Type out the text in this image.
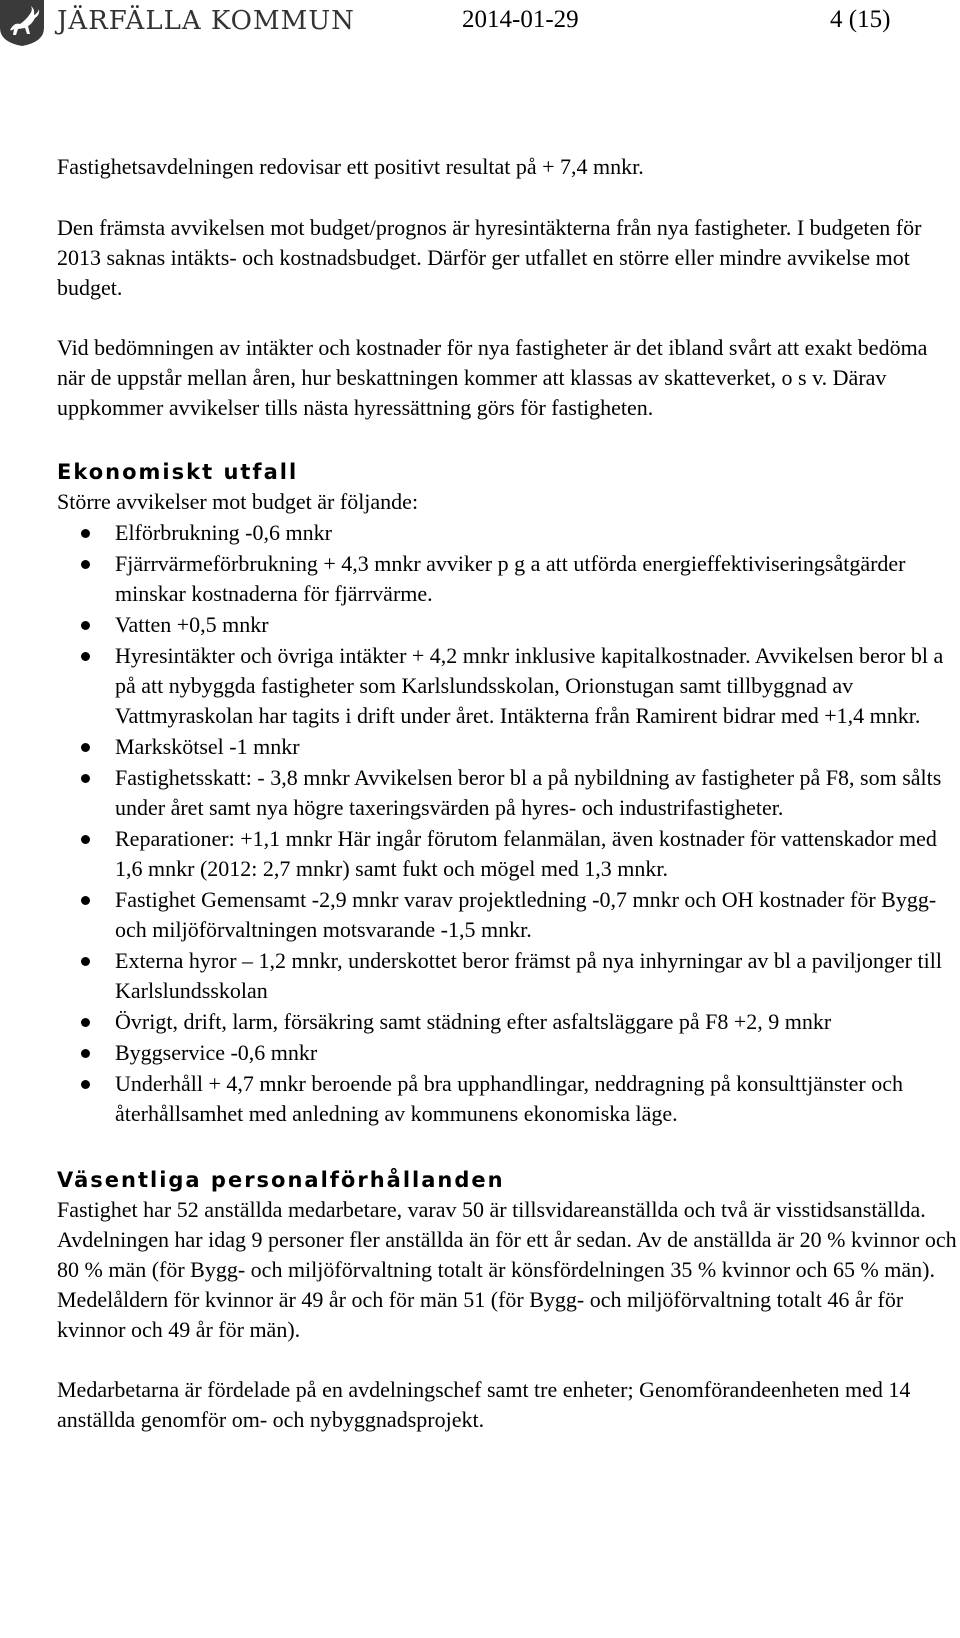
JÄRFÄLLA KOMMUN	2014-01-29	4 (15)

Fastighetsavdelningen redovisar ett positivt resultat på + 7,4 mnkr.

Den främsta avvikelsen mot budget/prognos är hyresintäkterna från nya fastigheter. I budgeten för 2013 saknas intäkts- och kostnadsbudget. Därför ger utfallet en större eller mindre avvikelse mot budget.

Vid bedömningen av intäkter och kostnader för nya fastigheter är det ibland svårt att exakt bedöma när de uppstår mellan åren, hur beskattningen kommer att klassas av skatteverket, o s v. Därav uppkommer avvikelser tills nästa hyressättning görs för fastigheten.

Ekonomiskt utfall

Större avvikelser mot budget är följande:

Elförbrukning -0,6 mnkr
Fjärrvärmeförbrukning + 4,3 mnkr avviker p g a att utförda energieffektiviseringsåtgärder minskar kostnaderna för fjärrvärme.
Vatten +0,5 mnkr
Hyresintäkter och övriga intäkter + 4,2 mnkr inklusive kapitalkostnader. Avvikelsen beror bl a på att nybyggda fastigheter som Karlslundsskolan, Orionstugan samt tillbyggnad av Vattmyraskolan har tagits i drift under året. Intäkterna från Ramirent bidrar med +1,4 mnkr.
Markskötsel -1 mnkr
Fastighetsskatt: - 3,8 mnkr Avvikelsen beror bl a på nybildning av fastigheter på F8, som sålts under året samt nya högre taxeringsvärden på hyres- och industrifastigheter.
Reparationer: +1,1 mnkr Här ingår förutom felanmälan, även kostnader för vattenskador med 1,6 mnkr (2012: 2,7 mnkr) samt fukt och mögel med 1,3 mnkr.
Fastighet Gemensamt -2,9 mnkr varav projektledning -0,7 mnkr och OH kostnader för Bygg- och miljöförvaltningen motsvarande -1,5 mnkr.
Externa hyror – 1,2 mnkr, underskottet beror främst på nya inhyrningar av bl a paviljonger till Karlslundsskolan
Övrigt, drift, larm, försäkring samt städning efter asfaltsläggare på F8 +2, 9 mnkr
Byggservice -0,6 mnkr
Underhåll + 4,7 mnkr beroende på bra upphandlingar, neddragning på konsulttjänster och återhållsamhet med anledning av kommunens ekonomiska läge.
Väsentliga personalförhållanden

Fastighet har 52 anställda medarbetare, varav 50 är tillsvidareanställda och två är visstidsanställda. Avdelningen har idag 9 personer fler anställda än för ett år sedan. Av de anställda är 20 % kvinnor och 80 % män (för Bygg- och miljöförvaltning totalt är könsfördelningen 35 % kvinnor och 65 % män). Medelåldern för kvinnor är 49 år och för män 51 (för Bygg- och miljöförvaltning totalt 46 år för kvinnor och 49 år för män).

Medarbetarna är fördelade på en avdelningschef samt tre enheter; Genomförandeenheten med 14 anställda genomför om- och nybyggnadsprojekt.
